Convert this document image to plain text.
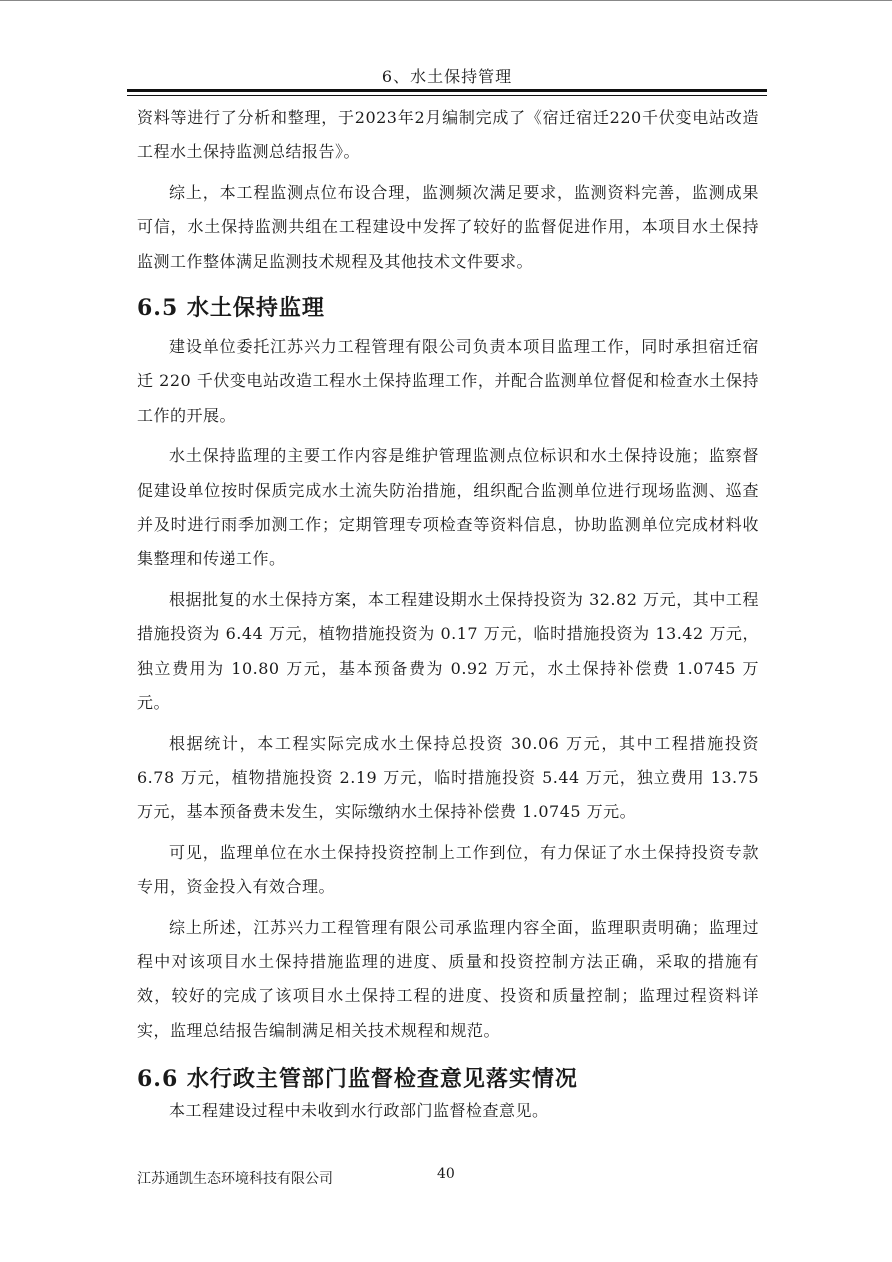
6、水土保持管理

资料等进行了分析和整理，于2023年2月编制完成了《宿迁宿迁220千伏变电站改造工程水土保持监测总结报告》。

综上，本工程监测点位布设合理，监测频次满足要求，监测资料完善，监测成果可信，水土保持监测共组在工程建设中发挥了较好的监督促进作用，本项目水土保持监测工作整体满足监测技术规程及其他技术文件要求。

6.5 水土保持监理

建设单位委托江苏兴力工程管理有限公司负责本项目监理工作，同时承担宿迁宿迁 220 千伏变电站改造工程水土保持监理工作，并配合监测单位督促和检查水土保持工作的开展。

水土保持监理的主要工作内容是维护管理监测点位标识和水土保持设施；监察督促建设单位按时保质完成水土流失防治措施，组织配合监测单位进行现场监测、巡查并及时进行雨季加测工作；定期管理专项检查等资料信息，协助监测单位完成材料收集整理和传递工作。

根据批复的水土保持方案，本工程建设期水土保持投资为 32.82 万元，其中工程措施投资为 6.44 万元，植物措施投资为 0.17 万元，临时措施投资为 13.42 万元，独立费用为 10.80 万元，基本预备费为 0.92 万元，水土保持补偿费 1.0745 万元。

根据统计，本工程实际完成水土保持总投资 30.06 万元，其中工程措施投资 6.78 万元，植物措施投资 2.19 万元，临时措施投资 5.44 万元，独立费用 13.75 万元，基本预备费未发生，实际缴纳水土保持补偿费 1.0745 万元。

可见，监理单位在水土保持投资控制上工作到位，有力保证了水土保持投资专款专用，资金投入有效合理。

综上所述，江苏兴力工程管理有限公司承监理内容全面，监理职责明确；监理过程中对该项目水土保持措施监理的进度、质量和投资控制方法正确，采取的措施有效，较好的完成了该项目水土保持工程的进度、投资和质量控制；监理过程资料详实，监理总结报告编制满足相关技术规程和规范。

6.6 水行政主管部门监督检查意见落实情况

本工程建设过程中未收到水行政部门监督检查意见。

江苏通凯生态环境科技有限公司	40
